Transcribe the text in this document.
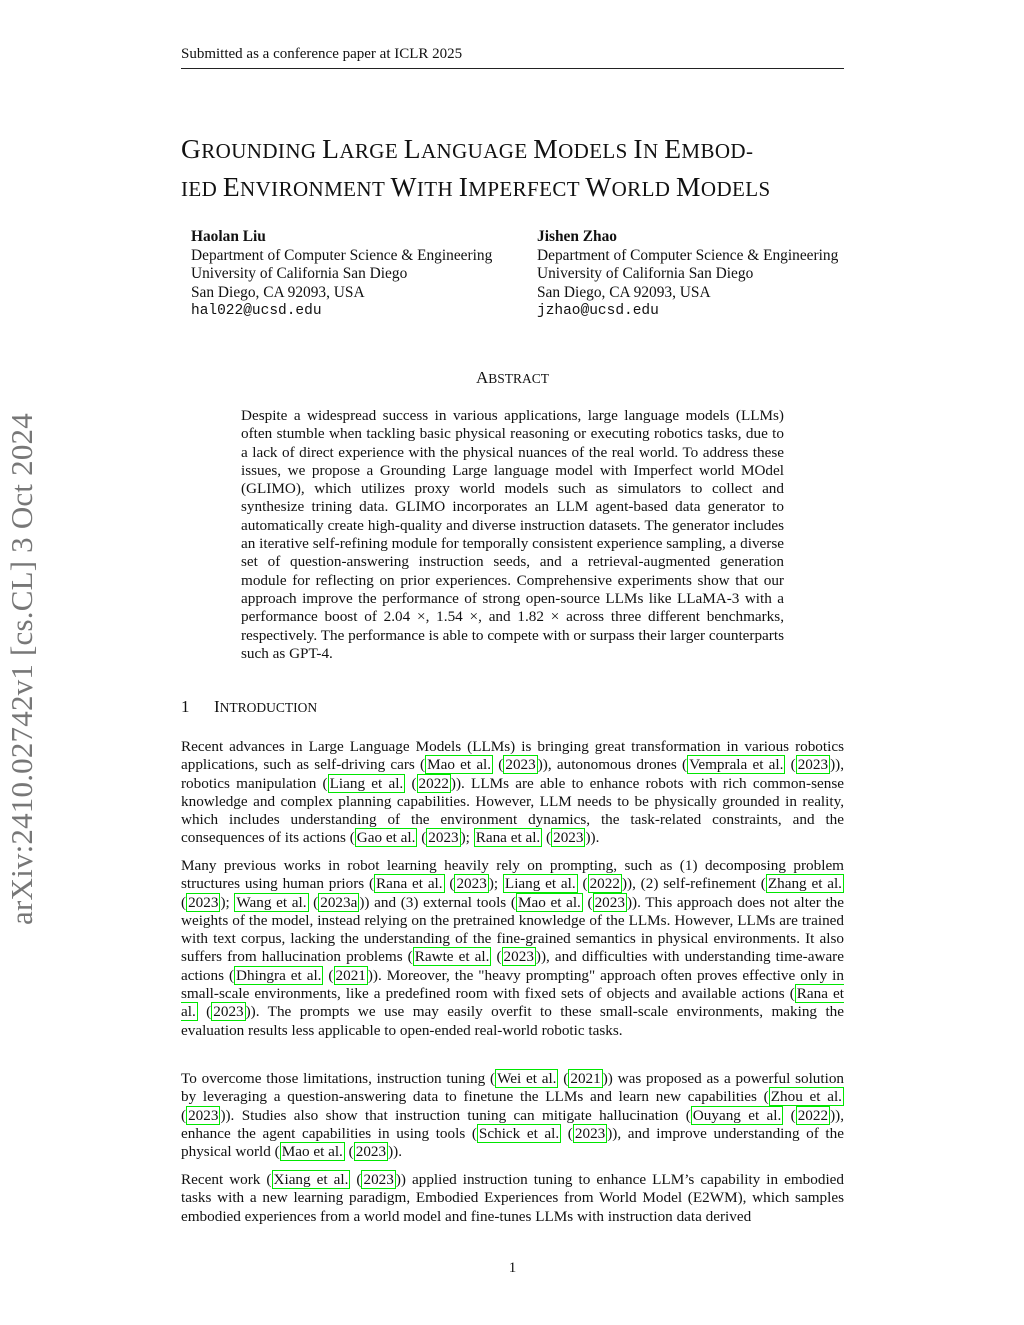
Submitted as a conference paper at ICLR 2025
GROUNDING LARGE LANGUAGE MODELS IN EMBOD-
IED ENVIRONMENT WITH IMPERFECT WORLD MODELS
Haolan Liu
Department of Computer Science & Engineering
University of California San Diego
San Diego, CA 92093, USA
hal022@ucsd.edu
Jishen Zhao
Department of Computer Science & Engineering
University of California San Diego
San Diego, CA 92093, USA
jzhao@ucsd.edu
arXiv:2410.02742v1 [cs.CL] 3 Oct 2024
ABSTRACT
Despite a widespread success in various applications, large language models (LLMs) often stumble when tackling basic physical reasoning or executing robotics tasks, due to a lack of direct experience with the physical nuances of the real world. To address these issues, we propose a Grounding Large language model with Imperfect world MOdel (GLIMO), which utilizes proxy world models such as simulators to collect and synthesize trining data. GLIMO incorporates an LLM agent-based data generator to automatically create high-quality and diverse instruction datasets. The generator includes an iterative self-refining module for temporally consistent experience sampling, a diverse set of question-answering instruction seeds, and a retrieval-augmented generation module for reflecting on prior experiences. Comprehensive experiments show that our approach improve the performance of strong open-source LLMs like LLaMA-3 with a performance boost of 2.04 ×, 1.54 ×, and 1.82 × across three different benchmarks, respectively. The performance is able to compete with or surpass their larger counterparts such as GPT-4.
1 INTRODUCTION
Recent advances in Large Language Models (LLMs) is bringing great transformation in various robotics applications, such as self-driving cars ( Mao et al. ( 2023 )), autonomous drones ( Vemprala et al. ( 2023 )), robotics manipulation ( Liang et al. ( 2022 )). LLMs are able to enhance robots with rich common-sense knowledge and complex planning capabilities. However, LLM needs to be physically grounded in reality, which includes understanding of the environment dynamics, the task-related constraints, and the consequences of its actions ( Gao et al. ( 2023 ); Rana et al. ( 2023 )).
Many previous works in robot learning heavily rely on prompting, such as (1) decomposing problem structures using human priors ( Rana et al. ( 2023 ); Liang et al. ( 2022 )), (2) self-refinement ( Zhang et al. ( 2023 ); Wang et al. ( 2023a )) and (3) external tools ( Mao et al. ( 2023 )). This approach does not alter the weights of the model, instead relying on the pretrained knowledge of the LLMs. However, LLMs are trained with text corpus, lacking the understanding of the fine-grained semantics in physical environments. It also suffers from hallucination problems ( Rawte et al. ( 2023 )), and difficulties with understanding time-aware actions ( Dhingra et al. ( 2021 )). Moreover, the "heavy prompting" approach often proves effective only in small-scale environments, like a predefined room with fixed sets of objects and available actions ( Rana et al. ( 2023 )). The prompts we use may easily overfit to these small-scale environments, making the evaluation results less applicable to open-ended real-world robotic tasks.
To overcome those limitations, instruction tuning ( Wei et al. ( 2021 )) was proposed as a powerful solution by leveraging a question-answering data to finetune the LLMs and learn new capabilities ( Zhou et al. ( 2023 )). Studies also show that instruction tuning can mitigate hallucination ( Ouyang et al. ( 2022 )), enhance the agent capabilities in using tools ( Schick et al. ( 2023 )), and improve understanding of the physical world ( Mao et al. ( 2023 )).
Recent work ( Xiang et al. ( 2023 )) applied instruction tuning to enhance LLM’s capability in embodied tasks with a new learning paradigm, Embodied Experiences from World Model (E2WM), which samples embodied experiences from a world model and fine-tunes LLMs with instruction data derived
1
